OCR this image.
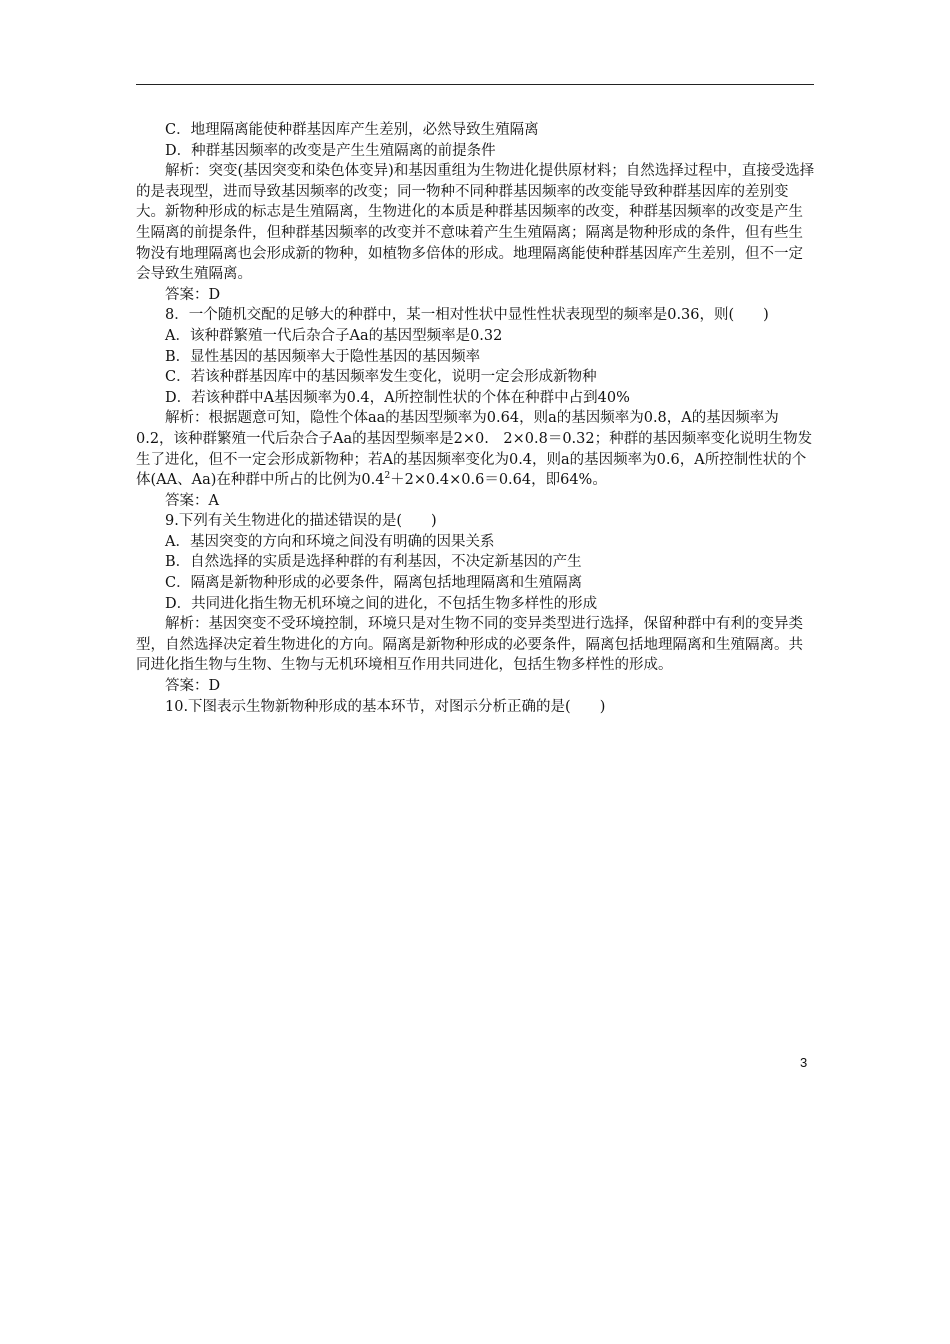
C．地理隔离能使种群基因库产生差别，必然导致生殖隔离

D．种群基因频率的改变是产生生殖隔离的前提条件

解析：突变(基因突变和染色体变异)和基因重组为生物进化提供原材料；自然选择过程中，直接受选择的是表现型，进而导致基因频率的改变；同一物种不同种群基因频率的改变能导致种群基因库的差别变大。新物种形成的标志是生殖隔离，生物进化的本质是种群基因频率的改变，种群基因频率的改变是产生生隔离的前提条件，但种群基因频率的改变并不意味着产生生殖隔离；隔离是物种形成的条件，但有些生物没有地理隔离也会形成新的物种，如植物多倍体的形成。地理隔离能使种群基因库产生差别，但不一定会导致生殖隔离。

答案：D

8．一个随机交配的足够大的种群中，某一相对性状中显性性状表现型的频率是0.36，则(　　)

A．该种群繁殖一代后杂合子Aa的基因型频率是0.32

B．显性基因的基因频率大于隐性基因的基因频率

C．若该种群基因库中的基因频率发生变化，说明一定会形成新物种

D．若该种群中A基因频率为0.4，A所控制性状的个体在种群中占到40%

解析：根据题意可知，隐性个体aa的基因型频率为0.64，则a的基因频率为0.8，A的基因频率为0.2，该种群繁殖一代后杂合子Aa的基因型频率是2×0.　2×0.8＝0.32；种群的基因频率变化说明生物发生了进化，但不一定会形成新物种；若A的基因频率变化为0.4，则a的基因频率为0.6，A所控制性状的个体(AA、Aa)在种群中所占的比例为$0.4^2+2\times 0.4\times 0.6=0.64$，即64%。

答案：A

9.下列有关生物进化的描述错误的是(　　)

A．基因突变的方向和环境之间没有明确的因果关系

B．自然选择的实质是选择种群的有利基因，不决定新基因的产生

C．隔离是新物种形成的必要条件，隔离包括地理隔离和生殖隔离

D．共同进化指生物无机环境之间的进化，不包括生物多样性的形成

解析：基因突变不受环境控制，环境只是对生物不同的变异类型进行选择，保留种群中有利的变异类型，自然选择决定着生物进化的方向。隔离是新物种形成的必要条件，隔离包括地理隔离和生殖隔离。共同进化指生物与生物、生物与无机环境相互作用共同进化，包括生物多样性的形成。

答案：D

10.下图表示生物新物种形成的基本环节，对图示分析正确的是(　　)

3
